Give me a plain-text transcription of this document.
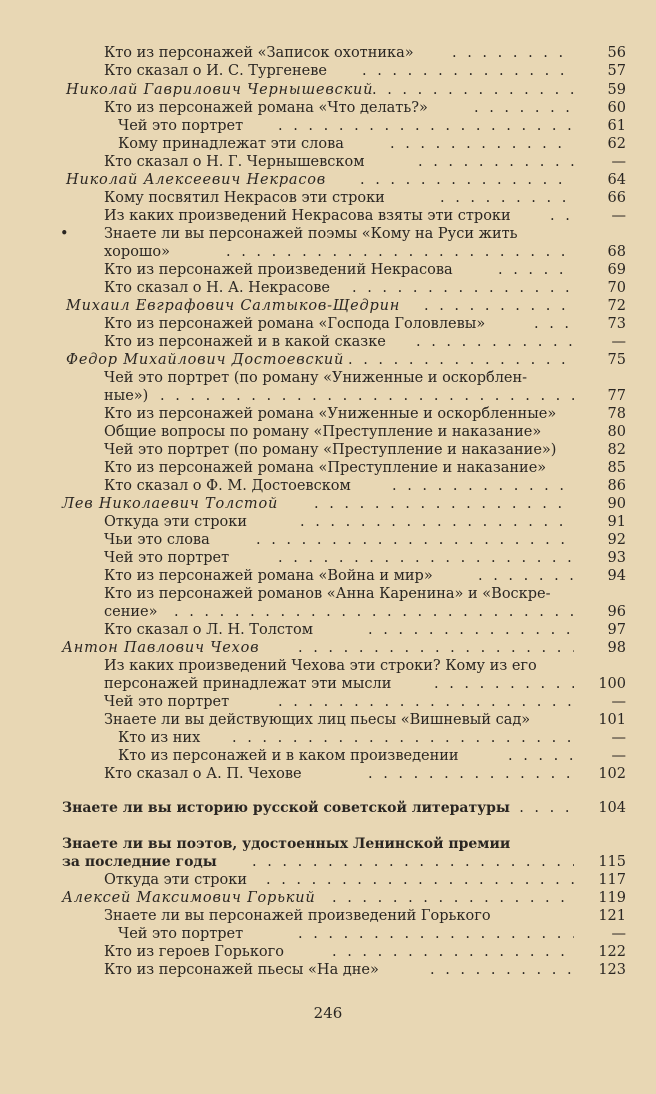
Кто из персонажей «Записок охотника» . . .	56
Кто сказал о И. С. Тургеневе . . .	57
Николай Гаврилович Чернышевский . . .	59
Кто из персонажей романа «Что делать?» . . .	60
Чей это портрет . . .	61
Кому принадлежат эти слова . . .	62
Кто сказал о Н. Г. Чернышевском . . .	—
Николай Алексеевич Некрасов . . .	64
Кому посвятил Некрасов эти строки . . .	66
Из каких произведений Некрасова взяты эти строки . . .	—
• Знаете ли вы персонажей поэмы «Кому на Руси жить
хорошо» . . .	68
Кто из персонажей произведений Некрасова . . .	69
Кто сказал о Н. А. Некрасове . . .	70
Михаил Евграфович Салтыков-Щедрин . . .	72
Кто из персонажей романа «Господа Головлевы» . . .	73
Кто из персонажей и в какой сказке . . .	—
Федор Михайлович Достоевский . . .	75
Чей это портрет (по роману «Униженные и оскорблен-
ные») . . .	77
Кто из персонажей романа «Униженные и оскорбленные»	78
Общие вопросы по роману «Преступление и наказание»	80
Чей это портрет (по роману «Преступление и наказание»)	82
Кто из персонажей романа «Преступление и наказание»	85
Кто сказал о Ф. М. Достоевском . . .	86
Лев Николаевич Толстой . . .	90
Откуда эти строки . . .	91
Чьи это слова . . .	92
Чей это портрет . . .	93
Кто из персонажей романа «Война и мир» . . .	94
Кто из персонажей романов «Анна Каренина» и «Воскре-
сение» . . .	96
Кто сказал о Л. Н. Толстом . . .	97
Антон Павлович Чехов . . .	98
Из каких произведений Чехова эти строки? Кому из его
персонажей принадлежат эти мысли . . .	100
Чей это портрет . . .	—
Знаете ли вы действующих лиц пьесы «Вишневый сад»	101
Кто из них . . .	—
Кто из персонажей и в каком произведении . . .	—
Кто сказал о А. П. Чехове . . .	102
Знаете ли вы историю русской советской литературы . . .	104
Знаете ли вы поэтов, удостоенных Ленинской премии
за последние годы . . .	115
Откуда эти строки . . .	117
Алексей Максимович Горький . . .	119
Знаете ли вы персонажей произведений Горького	121
Чей это портрет . . .	—
Кто из героев Горького . . .	122
Кто из персонажей пьесы «На дне» . . .	123
246
